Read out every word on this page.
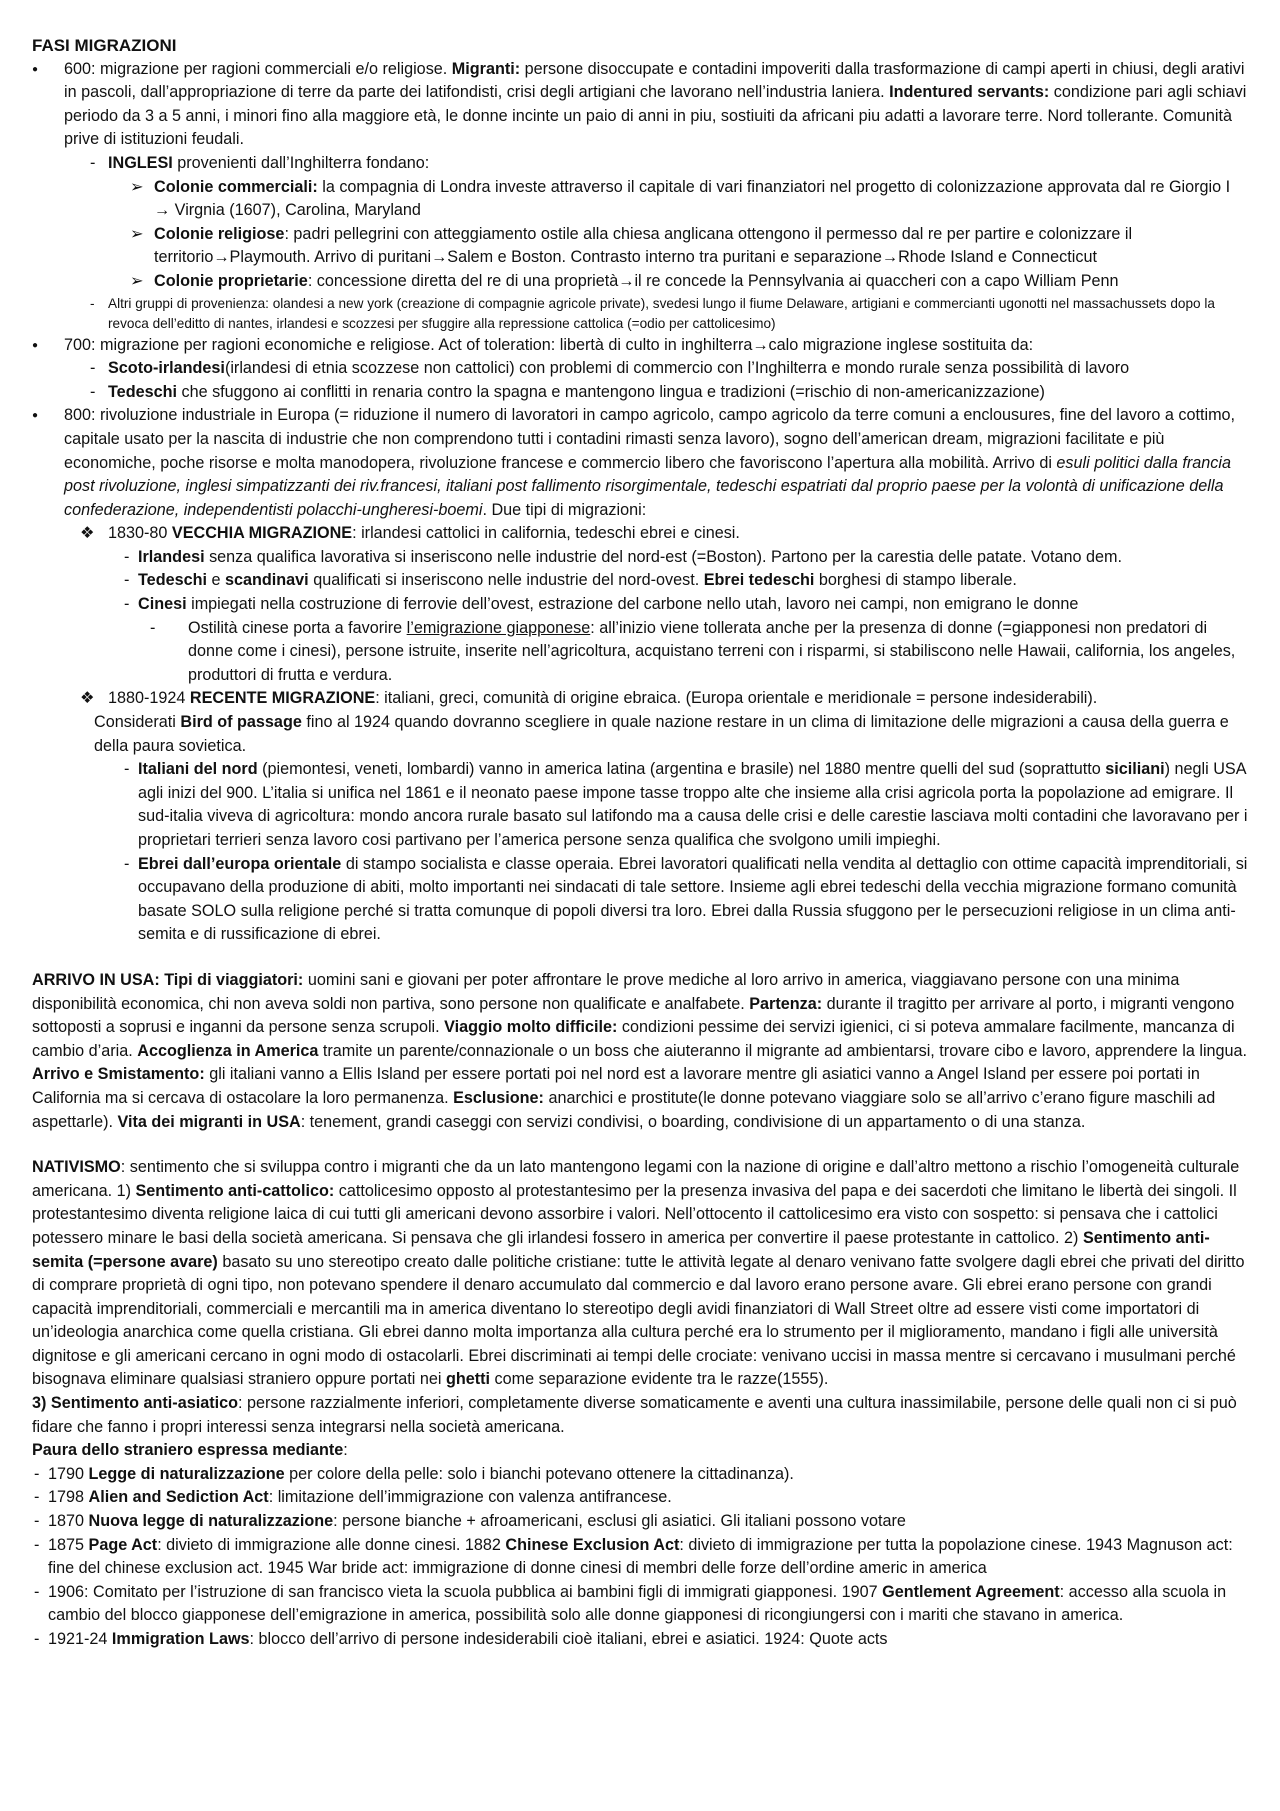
FASI MIGRAZIONI

● 600: migrazione per ragioni commerciali e/o religiose. Migranti: persone disoccupate e contadini impoveriti dalla trasformazione di campi aperti in chiusi, degli arativi in pascoli, dall’appropriazione di terre da parte dei latifondisti, crisi degli artigiani che lavorano nell’industria laniera. Indentured servants: condizione pari agli schiavi periodo da 3 a 5 anni, i minori fino alla maggiore età, le donne incinte un paio di anni in piu, sostiuiti da africani piu adatti a lavorare terre. Nord tollerante. Comunità prive di istituzioni feudali.

- INGLESI provenienti dall’Inghilterra fondano:

➢ Colonie commerciali: la compagnia di Londra investe attraverso il capitale di vari finanziatori nel progetto di colonizzazione approvata dal re Giorgio I → Virgnia (1607), Carolina, Maryland

➢ Colonie religiose: padri pellegrini con atteggiamento ostile alla chiesa anglicana ottengono il permesso dal re per partire e colonizzare il territorio→Playmouth. Arrivo di puritani→Salem e Boston. Contrasto interno tra puritani e separazione→Rhode Island e Connecticut

➢ Colonie proprietarie: concessione diretta del re di una proprietà→il re concede la Pennsylvania ai quaccheri con a capo William Penn

- Altri gruppi di provenienza: olandesi a new york (creazione di compagnie agricole private), svedesi lungo il fiume Delaware, artigiani e commercianti ugonotti nel massachussets dopo la revoca dell’editto di nantes, irlandesi e scozzesi per sfuggire alla repressione cattolica (=odio per cattolicesimo)

● 700: migrazione per ragioni economiche e religiose. Act of toleration: libertà di culto in inghilterra→calo migrazione inglese sostituita da:

- Scoto-irlandesi(irlandesi di etnia scozzese non cattolici) con problemi di commercio con l’Inghilterra e mondo rurale senza possibilità di lavoro

- Tedeschi che sfuggono ai conflitti in renaria contro la spagna e mantengono lingua e tradizioni (=rischio di non-americanizzazione)

● 800: rivoluzione industriale in Europa (= riduzione il numero di lavoratori in campo agricolo, campo agricolo da terre comuni a enclousures, fine del lavoro a cottimo, capitale usato per la nascita di industrie che non comprendono tutti i contadini rimasti senza lavoro), sogno dell’american dream, migrazioni facilitate e più economiche, poche risorse e molta manodopera, rivoluzione francese e commercio libero che favoriscono l’apertura alla mobilità. Arrivo di esuli politici dalla francia post rivoluzione, inglesi simpatizzanti dei riv.francesi, italiani post fallimento risorgimentale, tedeschi espatriati dal proprio paese per la volontà di unificazione della confederazione, independentisti polacchi-ungheresi-boemi. Due tipi di migrazioni:

❖ 1830-80 VECCHIA MIGRAZIONE: irlandesi cattolici in california, tedeschi ebrei e cinesi.

- Irlandesi senza qualifica lavorativa si inseriscono nelle industrie del nord-est (=Boston). Partono per la carestia delle patate. Votano dem.

- Tedeschi e scandinavi qualificati si inseriscono nelle industrie del nord-ovest. Ebrei tedeschi borghesi di stampo liberale.

- Cinesi impiegati nella costruzione di ferrovie dell’ovest, estrazione del carbone nello utah, lavoro nei campi, non emigrano le donne

- Ostilità cinese porta a favorire l’emigrazione giapponese: all’inizio viene tollerata anche per la presenza di donne (=giapponesi non predatori di donne come i cinesi), persone istruite, inserite nell’agricoltura, acquistano terreni con i risparmi, si stabiliscono nelle Hawaii, california, los angeles, produttori di frutta e verdura.

❖ 1880-1924 RECENTE MIGRAZIONE: italiani, greci, comunità di origine ebraica. (Europa orientale e meridionale = persone indesiderabili).

Considerati Bird of passage fino al 1924 quando dovranno scegliere in quale nazione restare in un clima di limitazione delle migrazioni a causa della guerra e della paura sovietica.

- Italiani del nord (piemontesi, veneti, lombardi) vanno in america latina (argentina e brasile) nel 1880 mentre quelli del sud (soprattutto siciliani) negli USA agli inizi del 900. L’italia si unifica nel 1861 e il neonato paese impone tasse troppo alte che insieme alla crisi agricola porta la popolazione ad emigrare. Il sud-italia viveva di agricoltura: mondo ancora rurale basato sul latifondo ma a causa delle crisi e delle carestie lasciava molti contadini che lavoravano per i proprietari terrieri senza lavoro cosi partivano per l’america persone senza qualifica che svolgono umili impieghi.

- Ebrei dall’europa orientale di stampo socialista e classe operaia. Ebrei lavoratori qualificati nella vendita al dettaglio con ottime capacità imprenditoriali, si occupavano della produzione di abiti, molto importanti nei sindacati di tale settore. Insieme agli ebrei tedeschi della vecchia migrazione formano comunità basate SOLO sulla religione perché si tratta comunque di popoli diversi tra loro. Ebrei dalla Russia sfuggono per le persecuzioni religiose in un clima anti-semita e di russificazione di ebrei.

ARRIVO IN USA: Tipi di viaggiatori: uomini sani e giovani per poter affrontare le prove mediche al loro arrivo in america, viaggiavano persone con una minima disponibilità economica, chi non aveva soldi non partiva, sono persone non qualificate e analfabete. Partenza: durante il tragitto per arrivare al porto, i migranti vengono sottoposti a soprusi e inganni da persone senza scrupoli. Viaggio molto difficile: condizioni pessime dei servizi igienici, ci si poteva ammalare facilmente, mancanza di cambio d’aria. Accoglienza in America tramite un parente/connazionale o un boss che aiuteranno il migrante ad ambientarsi, trovare cibo e lavoro, apprendere la lingua. Arrivo e Smistamento: gli italiani vanno a Ellis Island per essere portati poi nel nord est a lavorare mentre gli asiatici vanno a Angel Island per essere poi portati in California ma si cercava di ostacolare la loro permanenza. Esclusione: anarchici e prostitute(le donne potevano viaggiare solo se all’arrivo c’erano figure maschili ad aspettarle). Vita dei migranti in USA: tenement, grandi caseggi con servizi condivisi, o boarding, condivisione di un appartamento o di una stanza.

NATIVISMO: sentimento che si sviluppa contro i migranti che da un lato mantengono legami con la nazione di origine e dall’altro mettono a rischio l’omogeneità culturale americana. 1) Sentimento anti-cattolico: cattolicesimo opposto al protestantesimo per la presenza invasiva del papa e dei sacerdoti che limitano le libertà dei singoli. Il protestantesimo diventa religione laica di cui tutti gli americani devono assorbire i valori. Nell’ottocento il cattolicesimo era visto con sospetto: si pensava che i cattolici potessero minare le basi della società americana. Si pensava che gli irlandesi fossero in america per convertire il paese protestante in cattolico. 2) Sentimento anti-semita (=persone avare) basato su uno stereotipo creato dalle politiche cristiane: tutte le attività legate al denaro venivano fatte svolgere dagli ebrei che privati del diritto di comprare proprietà di ogni tipo, non potevano spendere il denaro accumulato dal commercio e dal lavoro erano persone avare. Gli ebrei erano persone con grandi capacità imprenditoriali, commerciali e mercantili ma in america diventano lo stereotipo degli avidi finanziatori di Wall Street oltre ad essere visti come importatori di un’ideologia anarchica come quella cristiana. Gli ebrei danno molta importanza alla cultura perché era lo strumento per il miglioramento, mandano i figli alle università dignitose e gli americani cercano in ogni modo di ostacolarli. Ebrei discriminati ai tempi delle crociate: venivano uccisi in massa mentre si cercavano i musulmani perché bisognava eliminare qualsiasi straniero oppure portati nei ghetti come separazione evidente tra le razze(1555).

3) Sentimento anti-asiatico: persone razzialmente inferiori, completamente diverse somaticamente e aventi una cultura inassimilabile, persone delle quali non ci si può fidare che fanno i propri interessi senza integrarsi nella società americana.

Paura dello straniero espressa mediante:

- 1790 Legge di naturalizzazione per colore della pelle: solo i bianchi potevano ottenere la cittadinanza).

- 1798 Alien and Sediction Act: limitazione dell’immigrazione con valenza antifrancese.

- 1870 Nuova legge di naturalizzazione: persone bianche + afroamericani, esclusi gli asiatici. Gli italiani possono votare

- 1875 Page Act: divieto di immigrazione alle donne cinesi. 1882 Chinese Exclusion Act: divieto di immigrazione per tutta la popolazione cinese. 1943 Magnuson act: fine del chinese exclusion act. 1945 War bride act: immigrazione di donne cinesi di membri delle forze dell’ordine americ in america

- 1906: Comitato per l’istruzione di san francisco vieta la scuola pubblica ai bambini figli di immigrati giapponesi. 1907 Gentlement Agreement: accesso alla scuola in cambio del blocco giapponese dell’emigrazione in america, possibilità solo alle donne giapponesi di ricongiungersi con i mariti che stavano in america.

- 1921-24 Immigration Laws: blocco dell’arrivo di persone indesiderabili cioè italiani, ebrei e asiatici. 1924: Quote acts
